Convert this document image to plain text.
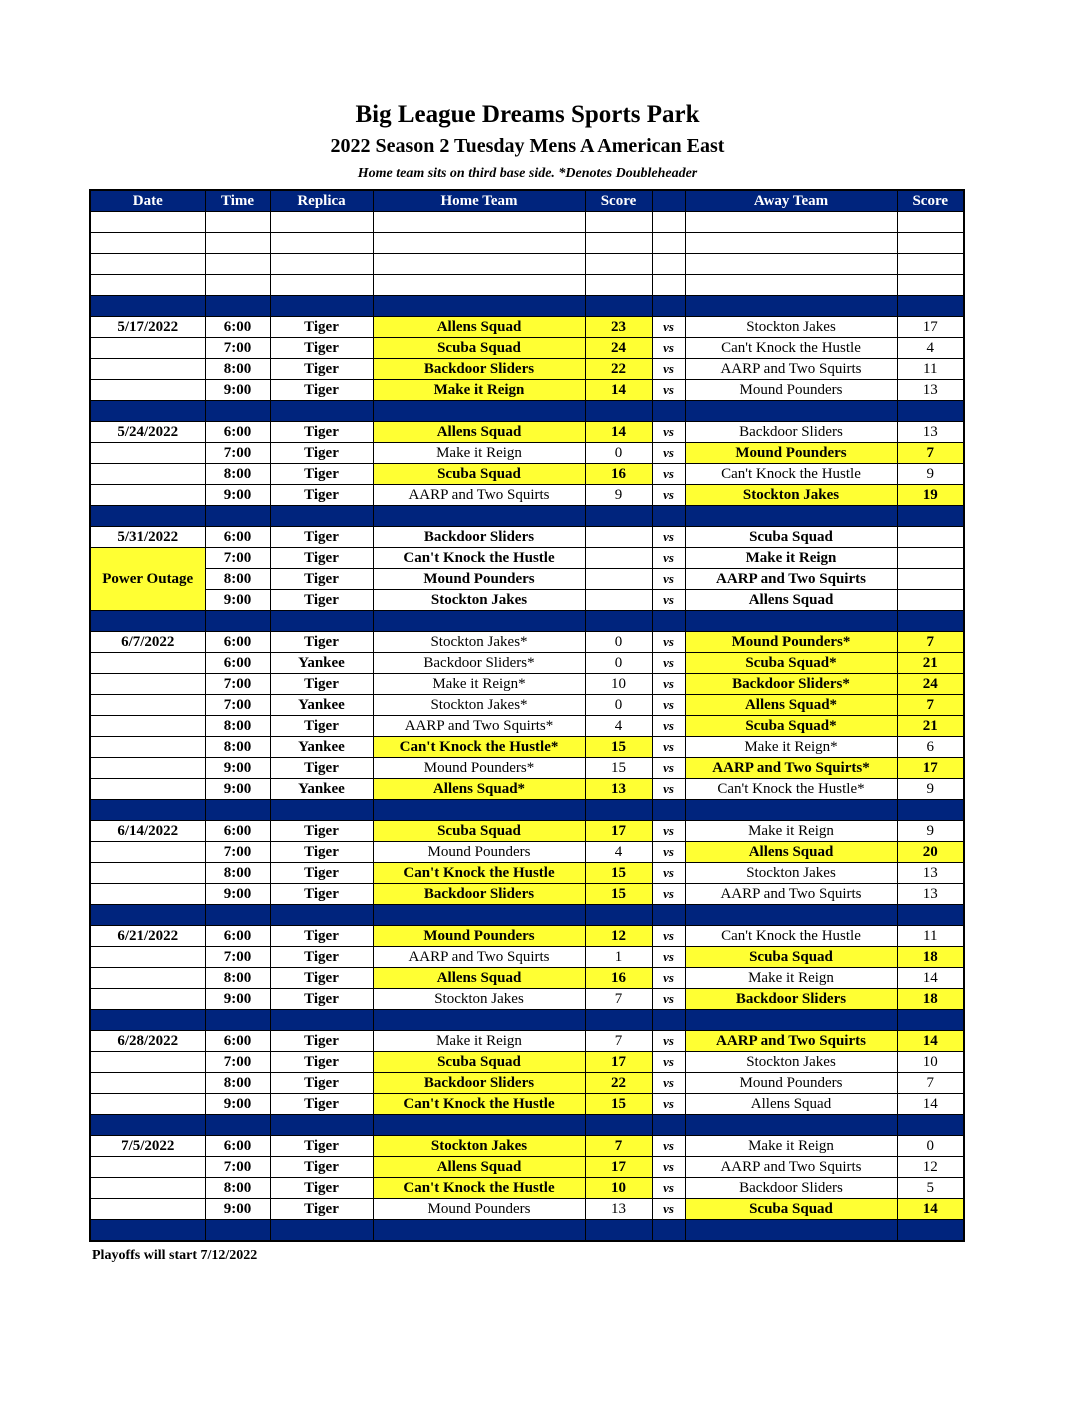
Big League Dreams Sports Park
2022 Season 2 Tuesday Mens A American East
Home team sits on third base side. *Denotes Doubleheader
Date	Time	Replica	Home Team	Score		Away Team	Score

5/17/2022	6:00	Tiger	Allens Squad	23	vs	Stockton Jakes	17
	7:00	Tiger	Scuba Squad	24	vs	Can't Knock the Hustle	4
	8:00	Tiger	Backdoor Sliders	22	vs	AARP and Two Squirts	11
	9:00	Tiger	Make it Reign	14	vs	Mound Pounders	13

5/24/2022	6:00	Tiger	Allens Squad	14	vs	Backdoor Sliders	13
	7:00	Tiger	Make it Reign	0	vs	Mound Pounders	7
	8:00	Tiger	Scuba Squad	16	vs	Can't Knock the Hustle	9
	9:00	Tiger	AARP and Two Squirts	9	vs	Stockton Jakes	19

5/31/2022	6:00	Tiger	Backdoor Sliders		vs	Scuba Squad	
Power Outage	7:00	Tiger	Can't Knock the Hustle		vs	Make it Reign	
	8:00	Tiger	Mound Pounders		vs	AARP and Two Squirts	
	9:00	Tiger	Stockton Jakes		vs	Allens Squad	

6/7/2022	6:00	Tiger	Stockton Jakes*	0	vs	Mound Pounders*	7
	6:00	Yankee	Backdoor Sliders*	0	vs	Scuba Squad*	21
	7:00	Tiger	Make it Reign*	10	vs	Backdoor Sliders*	24
	7:00	Yankee	Stockton Jakes*	0	vs	Allens Squad*	7
	8:00	Tiger	AARP and Two Squirts*	4	vs	Scuba Squad*	21
	8:00	Yankee	Can't Knock the Hustle*	15	vs	Make it Reign*	6
	9:00	Tiger	Mound Pounders*	15	vs	AARP and Two Squirts*	17
	9:00	Yankee	Allens Squad*	13	vs	Can't Knock the Hustle*	9

6/14/2022	6:00	Tiger	Scuba Squad	17	vs	Make it Reign	9
	7:00	Tiger	Mound Pounders	4	vs	Allens Squad	20
	8:00	Tiger	Can't Knock the Hustle	15	vs	Stockton Jakes	13
	9:00	Tiger	Backdoor Sliders	15	vs	AARP and Two Squirts	13

6/21/2022	6:00	Tiger	Mound Pounders	12	vs	Can't Knock the Hustle	11
	7:00	Tiger	AARP and Two Squirts	1	vs	Scuba Squad	18
	8:00	Tiger	Allens Squad	16	vs	Make it Reign	14
	9:00	Tiger	Stockton Jakes	7	vs	Backdoor Sliders	18

6/28/2022	6:00	Tiger	Make it Reign	7	vs	AARP and Two Squirts	14
	7:00	Tiger	Scuba Squad	17	vs	Stockton Jakes	10
	8:00	Tiger	Backdoor Sliders	22	vs	Mound Pounders	7
	9:00	Tiger	Can't Knock the Hustle	15	vs	Allens Squad	14

7/5/2022	6:00	Tiger	Stockton Jakes	7	vs	Make it Reign	0
	7:00	Tiger	Allens Squad	17	vs	AARP and Two Squirts	12
	8:00	Tiger	Can't Knock the Hustle	10	vs	Backdoor Sliders	5
	9:00	Tiger	Mound Pounders	13	vs	Scuba Squad	14

Playoffs will start 7/12/2022
